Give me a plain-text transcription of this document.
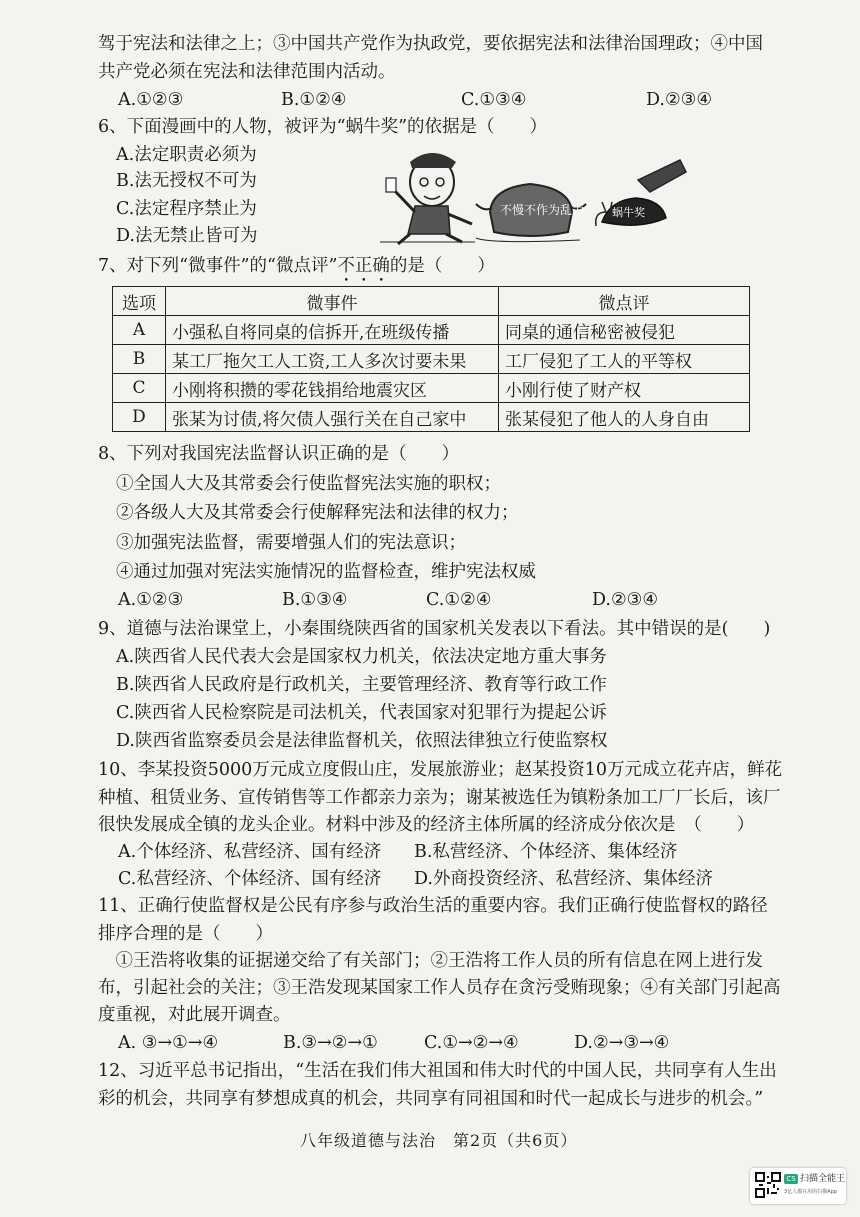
驾于宪法和法律之上；③中国共产党作为执政党，要依据宪法和法律治国理政；④中国
共产党必须在宪法和法律范围内活动。
A.①②③	B.①②④	C.①③④	D.②③④
6、下面漫画中的人物，被评为“蜗牛奖”的依据是（　　）
A.法定职责必须为
B.法无授权不可为
C.法定程序禁止为
D.法无禁止皆可为
不慢不作为乱为	蜗牛奖
7、对下列“微事件”的“微点评”不正确的是（　　）
选项	微事件	微点评
A	小强私自将同桌的信拆开,在班级传播	同桌的通信秘密被侵犯
B	某工厂拖欠工人工资,工人多次讨要未果	工厂侵犯了工人的平等权
C	小刚将积攒的零花钱捐给地震灾区	小刚行使了财产权
D	张某为讨债,将欠债人强行关在自己家中	张某侵犯了他人的人身自由
8、下列对我国宪法监督认识正确的是（　　）
①全国人大及其常委会行使监督宪法实施的职权；
②各级人大及其常委会行使解释宪法和法律的权力；
③加强宪法监督，需要增强人们的宪法意识；
④通过加强对宪法实施情况的监督检查，维护宪法权威
A.①②③	B.①③④	C.①②④	D.②③④
9、道德与法治课堂上，小秦围绕陕西省的国家机关发表以下看法。其中错误的是(　　)
A.陕西省人民代表大会是国家权力机关，依法决定地方重大事务
B.陕西省人民政府是行政机关，主要管理经济、教育等行政工作
C.陕西省人民检察院是司法机关，代表国家对犯罪行为提起公诉
D.陕西省监察委员会是法律监督机关，依照法律独立行使监察权
10、李某投资5000万元成立度假山庄，发展旅游业；赵某投资10万元成立花卉店，鲜花
种植、租赁业务、宣传销售等工作都亲力亲为；谢某被选任为镇粉条加工厂厂长后，该厂
很快发展成全镇的龙头企业。材料中涉及的经济主体所属的经济成分依次是　（　　）
A.个体经济、私营经济、国有经济 B.私营经济、个体经济、集体经济
C.私营经济、个体经济、国有经济 D.外商投资经济、私营经济、集体经济
11、正确行使监督权是公民有序参与政治生活的重要内容。我们正确行使监督权的路径
排序合理的是（　　）
　①王浩将收集的证据递交给了有关部门；②王浩将工作人员的所有信息在网上进行发
布，引起社会的关注；③王浩发现某国家工作人员存在贪污受贿现象；④有关部门引起高
度重视，对此展开调查。
A. ③→①→④	B.③→②→①	C.①→②→④	D.②→③→④
12、习近平总书记指出，“生活在我们伟大祖国和伟大时代的中国人民，共同享有人生出
彩的机会，共同享有梦想成真的机会，共同享有同祖国和时代一起成长与进步的机会。”
八年级道德与法治　第2页（共6页）
CS 扫描全能王
3亿人都在用的扫描App
